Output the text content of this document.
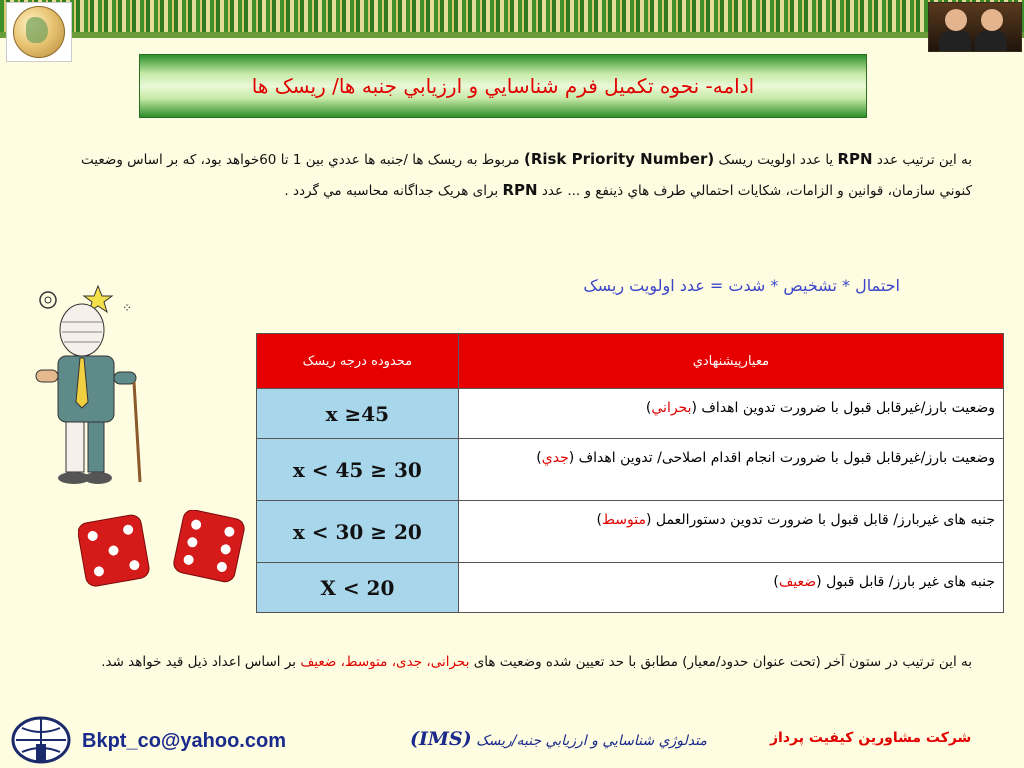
ادامه- نحوه تكميل فرم شناسايي و ارزيابي جنبه ها/ ریسک ها
به اين ترتيب عدد RPN يا عدد اولويت ریسک (Risk Priority Number) مربوط به ریسک ها /جنبه ها عددي بين 1 تا 60خواهد بود، كه بر اساس وضعيت كنوني سازمان، قوانين و الزامات، شكايات احتمالي طرف هاي ذينفع و ... عدد RPN برای هریک جداگانه محاسبه مي گردد .
احتمال * تشخیص * شدت = عدد اولويت ریسک
⁘
معيارپيشنهادي	محدوده درجه ریسک
وضعيت بارز/غيرقابل قبول با ضرورت تدوين اهداف (بحراني)	x ≥45
وضعيت بارز/غيرقابل قبول با ضرورت انجام اقدام اصلاحی/ تدوين اهداف (جدي)	30 ≤ x < 45
جنبه های غیربارز/ قابل قبول با ضرورت تدوين دستورالعمل (متوسط)	20 ≤ x < 30
جنبه های غیر بارز/ قابل قبول (ضعیف)	X < 20
به اين ترتيب در ستون آخر (تحت عنوان حدود/معيار) مطابق با حد تعيين شده وضعيت های بحرانی، جدی، متوسط، ضعیف بر اساس اعداد ذيل قيد خواهد شد.
Bkpt_co@yahoo.com	متدلوژي شناسايي و ارزيابي جنبه/ریسک (IMS)	شركت مشاورين كيفيت پرداز
